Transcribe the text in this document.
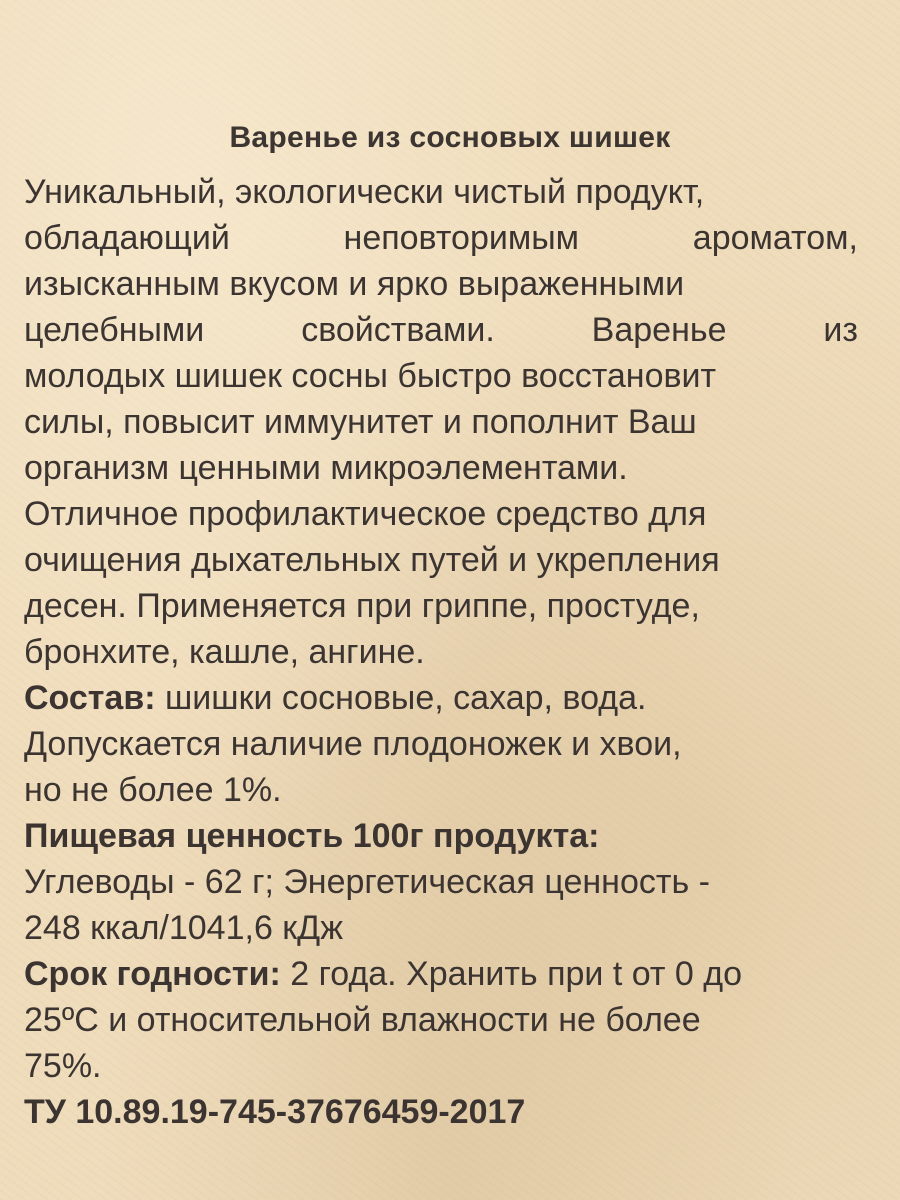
Варенье из сосновых шишек
Уникальный, экологически чистый продукт,
обладающий	неповторимым	ароматом,
изысканным вкусом и ярко выраженными
целебными	свойствами.	Варенье	из
молодых шишек сосны быстро восстановит
силы, повысит иммунитет и пополнит Ваш
организм ценными микроэлементами.
Отличное профилактическое средство для
очищения дыхательных путей и укрепления
десен. Применяется при гриппе, простуде,
бронхите, кашле, ангине.
Состав: шишки сосновые, сахар, вода.
Допускается наличие плодоножек и хвои,
но не более 1%.
Пищевая ценность 100г продукта:
Углеводы - 62 г; Энергетическая ценность -
248 ккал/1041,6 кДж
Срок годности: 2 года. Хранить при t от 0 до
25ºС и относительной влажности не более
75%.
ТУ 10.89.19-745-37676459-2017
